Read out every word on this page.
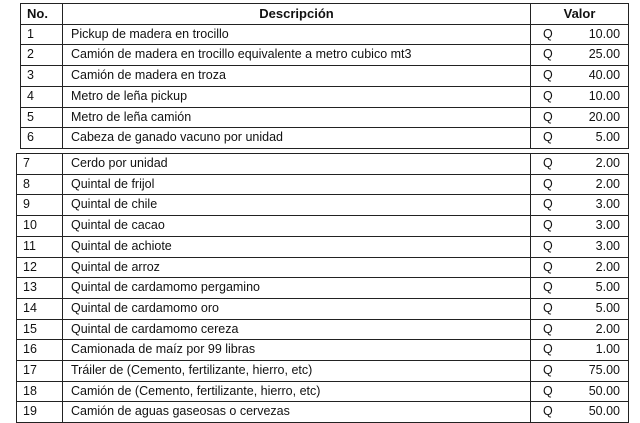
No.	Descripción	Valor	
1	Pickup de madera en trocillo	Q	10.00
2	Camión de madera en trocillo equivalente a metro cubico mt3	Q	25.00
3	Camión de madera en troza	Q	40.00
4	Metro de leña pickup	Q	10.00
5	Metro de leña camión	Q	20.00
6	Cabeza de ganado vacuno por unidad	Q	5.00
7	Cerdo por unidad	Q	2.00
8	Quintal de frijol	Q	2.00
9	Quintal de chile	Q	3.00
10	Quintal de cacao	Q	3.00
11	Quintal de achiote	Q	3.00
12	Quintal de arroz	Q	2.00
13	Quintal de cardamomo pergamino	Q	5.00
14	Quintal de cardamomo oro	Q	5.00
15	Quintal de cardamomo cereza	Q	2.00
16	Camionada de maíz por 99 libras	Q	1.00
17	Tráiler de (Cemento, fertilizante, hierro, etc)	Q	75.00
18	Camión de (Cemento, fertilizante, hierro, etc)	Q	50.00
19	Camión de aguas gaseosas o cervezas	Q	50.00
